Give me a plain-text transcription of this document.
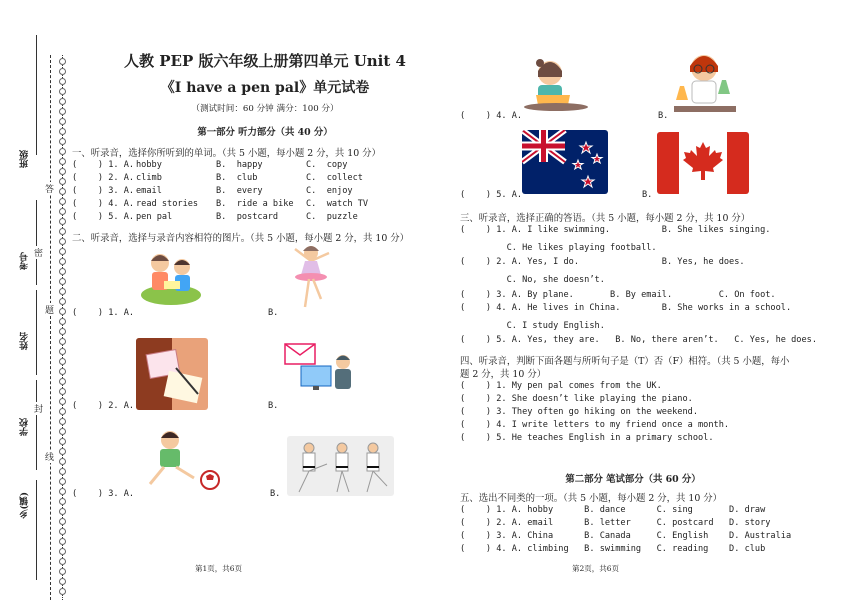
班级
考号
姓名
学校
乡(镇)
答
密
题
封
线
人教 PEP 版六年级上册第四单元 Unit 4
《I have a pen pal》单元试卷
（测试时间：60 分钟 满分：100 分）
第一部分 听力部分（共 40 分）
一、听录音，选择你所听到的单词。（共 5 小题，每小题 2 分，共 10 分）
(    ) 1. A. hobby	B.  happy	C.  copy
(    ) 2. A. climb	B.  club	C.  collect
(    ) 3. A. email	B.  every	C.  enjoy
(    ) 4. A. read stories B.  ride a bike C.  watch TV
(    ) 5. A. pen pal	B.  postcard	C.  puzzle
二、听录音，选择与录音内容相符的图片。（共 5 小题，每小题 2 分，共 10 分）
(    ) 1. A.	B.
(    ) 2. A.	B.
(    ) 3. A.	B.
第1页，共6页
(    ) 4. A.	B.
(    ) 5. A.	B.
三、听录音，选择正确的答语。（共 5 小题，每小题 2 分，共 10 分）
(    ) 1. A. I like swimming.          B. She likes singing.
C. He likes playing football.
(    ) 2. A. Yes, I do.                B. Yes, he does.
C. No, she doesn’t.
(    ) 3. A. By plane.       B. By email.         C. On foot.
(    ) 4. A. He lives in China.        B. She works in a school.
C. I study English.
(    ) 5. A. Yes, they are.   B. No, there aren’t.   C. Yes, he does.
四、听录音，判断下面各题与所听句子是（T）否（F）相符。（共 5 小题，每小
题 2 分，共 10 分）
(    ) 1. My pen pal comes from the UK.
(    ) 2. She doesn’t like playing the piano.
(    ) 3. They often go hiking on the weekend.
(    ) 4. I write letters to my friend once a month.
(    ) 5. He teaches English in a primary school.
第二部分 笔试部分（共 60 分）
五、选出不同类的一项。（共 5 小题，每小题 2 分，共 10 分）
(    ) 1. A. hobby      B. dance      C. sing       D. draw
(    ) 2. A. email      B. letter     C. postcard   D. story
(    ) 3. A. China      B. Canada     C. English    D. Australia
(    ) 4. A. climbing   B. swimming   C. reading    D. club
第2页，共6页
